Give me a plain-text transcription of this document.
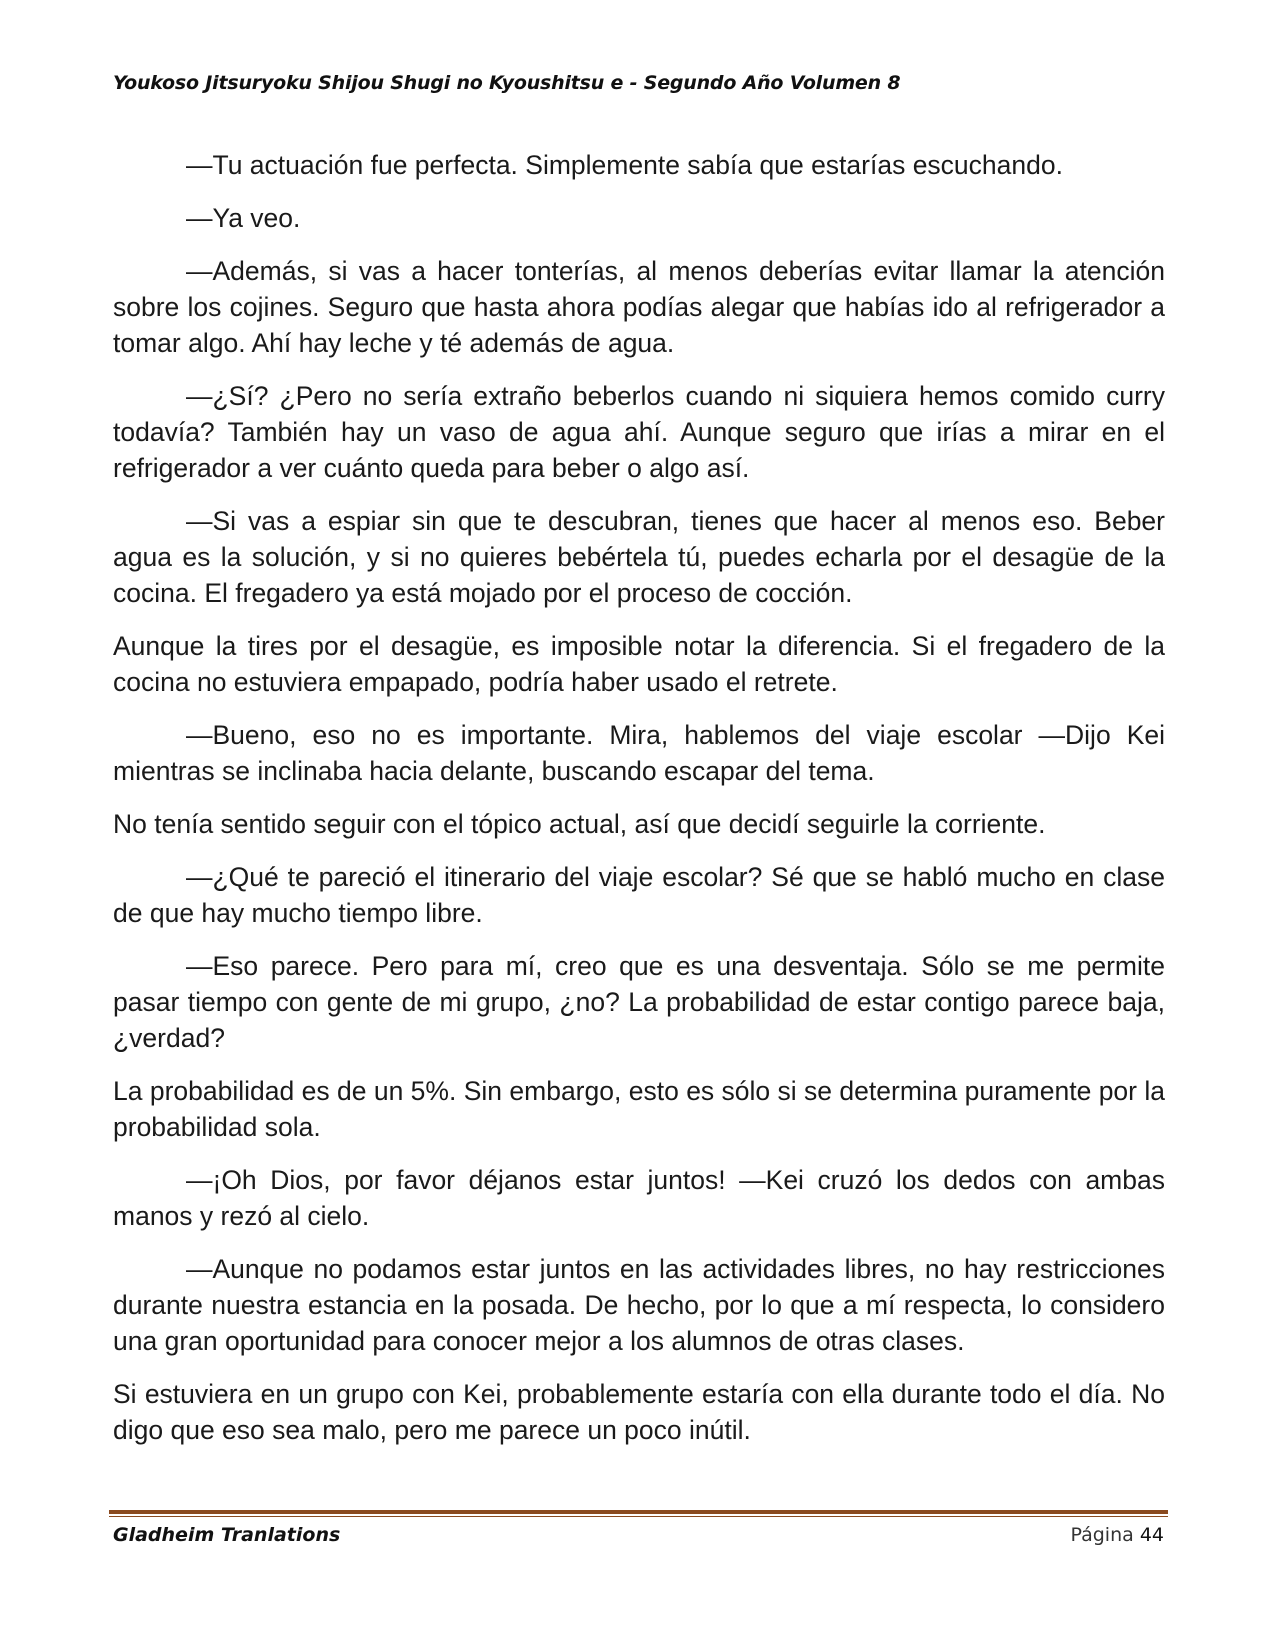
Youkoso Jitsuryoku Shijou Shugi no Kyoushitsu e - Segundo Año Volumen 8

—Tu actuación fue perfecta. Simplemente sabía que estarías escuchando.

—Ya veo.

—Además, si vas a hacer tonterías, al menos deberías evitar llamar la atención sobre los cojines. Seguro que hasta ahora podías alegar que habías ido al refrigerador a tomar algo. Ahí hay leche y té además de agua.

—¿Sí? ¿Pero no sería extraño beberlos cuando ni siquiera hemos comido curry todavía? También hay un vaso de agua ahí. Aunque seguro que irías a mirar en el refrigerador a ver cuánto queda para beber o algo así.

—Si vas a espiar sin que te descubran, tienes que hacer al menos eso. Beber agua es la solución, y si no quieres bebértela tú, puedes echarla por el desagüe de la cocina. El fregadero ya está mojado por el proceso de cocción.

Aunque la tires por el desagüe, es imposible notar la diferencia. Si el fregadero de la cocina no estuviera empapado, podría haber usado el retrete.

—Bueno, eso no es importante. Mira, hablemos del viaje escolar —Dijo Kei mientras se inclinaba hacia delante, buscando escapar del tema.

No tenía sentido seguir con el tópico actual, así que decidí seguirle la corriente.

—¿Qué te pareció el itinerario del viaje escolar? Sé que se habló mucho en clase de que hay mucho tiempo libre.

—Eso parece. Pero para mí, creo que es una desventaja. Sólo se me permite pasar tiempo con gente de mi grupo, ¿no? La probabilidad de estar contigo parece baja, ¿verdad?

La probabilidad es de un 5%. Sin embargo, esto es sólo si se determina puramente por la probabilidad sola.

—¡Oh Dios, por favor déjanos estar juntos! —Kei cruzó los dedos con ambas manos y rezó al cielo.

—Aunque no podamos estar juntos en las actividades libres, no hay restricciones durante nuestra estancia en la posada. De hecho, por lo que a mí respecta, lo considero una gran oportunidad para conocer mejor a los alumnos de otras clases.

Si estuviera en un grupo con Kei, probablemente estaría con ella durante todo el día. No digo que eso sea malo, pero me parece un poco inútil.

Gladheim Tranlations	Página 44
